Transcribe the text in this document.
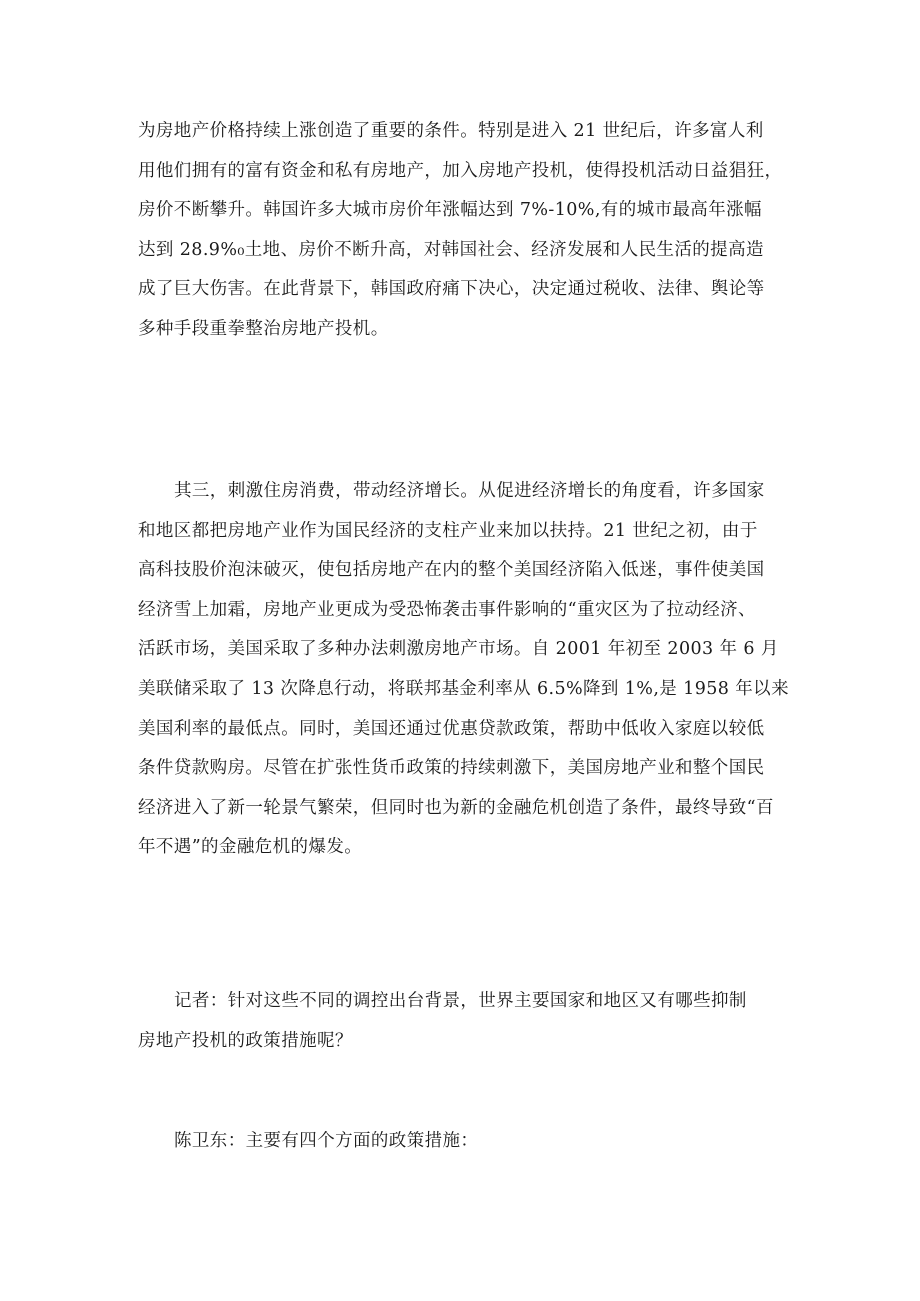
为房地产价格持续上涨创造了重要的条件。特别是进入 21 世纪后，许多富人利
用他们拥有的富有资金和私有房地产，加入房地产投机，使得投机活动日益猖狂，
房价不断攀升。韩国许多大城市房价年涨幅达到 7%-10%,有的城市最高年涨幅
达到 28.9%₀土地、房价不断升高，对韩国社会、经济发展和人民生活的提高造
成了巨大伤害。在此背景下，韩国政府痛下决心，决定通过税收、法律、舆论等
多种手段重拳整治房地产投机。
其三，刺激住房消费，带动经济增长。从促进经济增长的角度看，许多国家
和地区都把房地产业作为国民经济的支柱产业来加以扶持。21 世纪之初，由于
高科技股价泡沫破灭，使包括房地产在内的整个美国经济陷入低迷，事件使美国
经济雪上加霜，房地产业更成为受恐怖袭击事件影响的“重灾区为了拉动经济、
活跃市场，美国采取了多种办法刺激房地产市场。自 2001 年初至 2003 年 6 月
美联储采取了 13 次降息行动，将联邦基金利率从 6.5%降到 1%,是 1958 年以来
美国利率的最低点。同时，美国还通过优惠贷款政策，帮助中低收入家庭以较低
条件贷款购房。尽管在扩张性货币政策的持续刺激下，美国房地产业和整个国民
经济进入了新一轮景气繁荣，但同时也为新的金融危机创造了条件，最终导致“百
年不遇”的金融危机的爆发。
记者：针对这些不同的调控出台背景，世界主要国家和地区又有哪些抑制
房地产投机的政策措施呢？
陈卫东：主要有四个方面的政策措施：
